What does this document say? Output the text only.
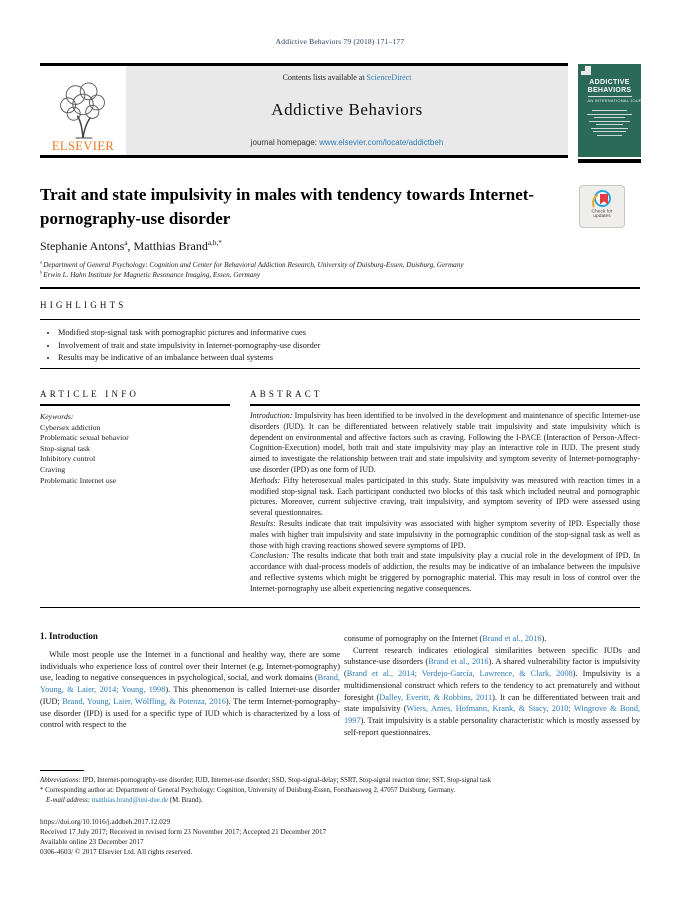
Addictive Behaviors 79 (2018) 171–177
ELSEVIER
Contents lists available at ScienceDirect
Addictive Behaviors
journal homepage: www.elsevier.com/locate/addictbeh
ADDICTIVE
BEHAVIORS
AN INTERNATIONAL JOURNAL
Trait and state impulsivity in males with tendency towards Internet-pornography-use disorder	Check for updates
Stephanie Antons$^a$, Matthias Brand$^{a,b,*}$
$^a$ Department of General Psychology: Cognition and Center for Behavioral Addiction Research, University of Duisburg-Essen, Duisburg, Germany
$^b$ Erwin L. Hahn Institute for Magnetic Resonance Imaging, Essen, Germany
HIGHLIGHTS
• Modified stop-signal task with pornographic pictures and informative cues
• Involvement of trait and state impulsivity in Internet-pornography-use disorder
• Results may be indicative of an imbalance between dual systems
ARTICLE INFO	ABSTRACT
Keywords:
Cybersex addiction
Problematic sexual behavior
Stop-signal task
Inhibitory control
Craving
Problematic Internet use

Introduction: Impulsivity has been identified to be involved in the development and maintenance of specific Internet-use disorders (IUD). It can be differentiated between relatively stable trait impulsivity and state impulsivity which is dependent on environmental and affective factors such as craving. Following the I-PACE (Interaction of Person-Affect-Cognition-Execution) model, both trait and state impulsivity may play an interactive role in IUD. The present study aimed to investigate the relationship between trait and state impulsivity and symptom severity of Internet-pornography-use disorder (IPD) as one form of IUD.

Methods: Fifty heterosexual males participated in this study. State impulsivity was measured with reaction times in a modified stop-signal task. Each participant conducted two blocks of this task which included neutral and pornographic pictures. Moreover, current subjective craving, trait impulsivity, and symptom severity of IPD were assessed using several questionnaires.

Results: Results indicate that trait impulsivity was associated with higher symptom severity of IPD. Especially those males with higher trait impulsivity and state impulsivity in the pornographic condition of the stop-signal task as well as those with high craving reactions showed severe symptoms of IPD.

Conclusion: The results indicate that both trait and state impulsivity play a crucial role in the development of IPD. In accordance with dual-process models of addiction, the results may be indicative of an imbalance between the impulsive and reflective systems which might be triggered by pornographic material. This may result in loss of control over the Internet-pornography use albeit experiencing negative consequences.

1. Introduction

While most people use the Internet in a functional and healthy way, there are some individuals who experience loss of control over their Internet (e.g. Internet-pornography) use, leading to negative consequences in psychological, social, and work domains (Brand, Young, & Laier, 2014; Young, 1998). This phenomenon is called Internet-use disorder (IUD; Brand, Young, Laier, Wölfling, & Potenza, 2016). The term Internet-pornography-use disorder (IPD) is used for a specific type of IUD which is characterized by a loss of control with respect to the

consume of pornography on the Internet (Brand et al., 2016).

Current research indicates etiological similarities between specific IUDs and substance-use disorders (Brand et al., 2016). A shared vulnerability factor is impulsivity (Brand et al., 2014; Verdejo-García, Lawrence, & Clark, 2008). Impulsivity is a multidimensional construct which refers to the tendency to act prematurely and without foresight (Dalley, Everitt, & Robbins, 2011). It can be differentiated between trait and state impulsivity (Wiers, Ames, Hofmann, Krank, & Stacy, 2010; Wingrove & Bond, 1997). Trait impulsivity is a stable personality characteristic which is mostly assessed by self-report questionnaires.

Abbreviations: IPD, Internet-pornography-use disorder; IUD, Internet-use disorder; SSD, Stop-signal-delay; SSRT, Stop-signal reaction time; SST, Stop-signal task
* Corresponding author at: Department of General Psychology: Cognition, University of Duisburg-Essen, Forsthausweg 2, 47057 Duisburg, Germany.
E-mail address: matthias.brand@uni-due.de (M. Brand).
https://doi.org/10.1016/j.addbeh.2017.12.029
Received 17 July 2017; Received in revised form 23 November 2017; Accepted 21 December 2017
Available online 23 December 2017
0306-4603/ © 2017 Elsevier Ltd. All rights reserved.
